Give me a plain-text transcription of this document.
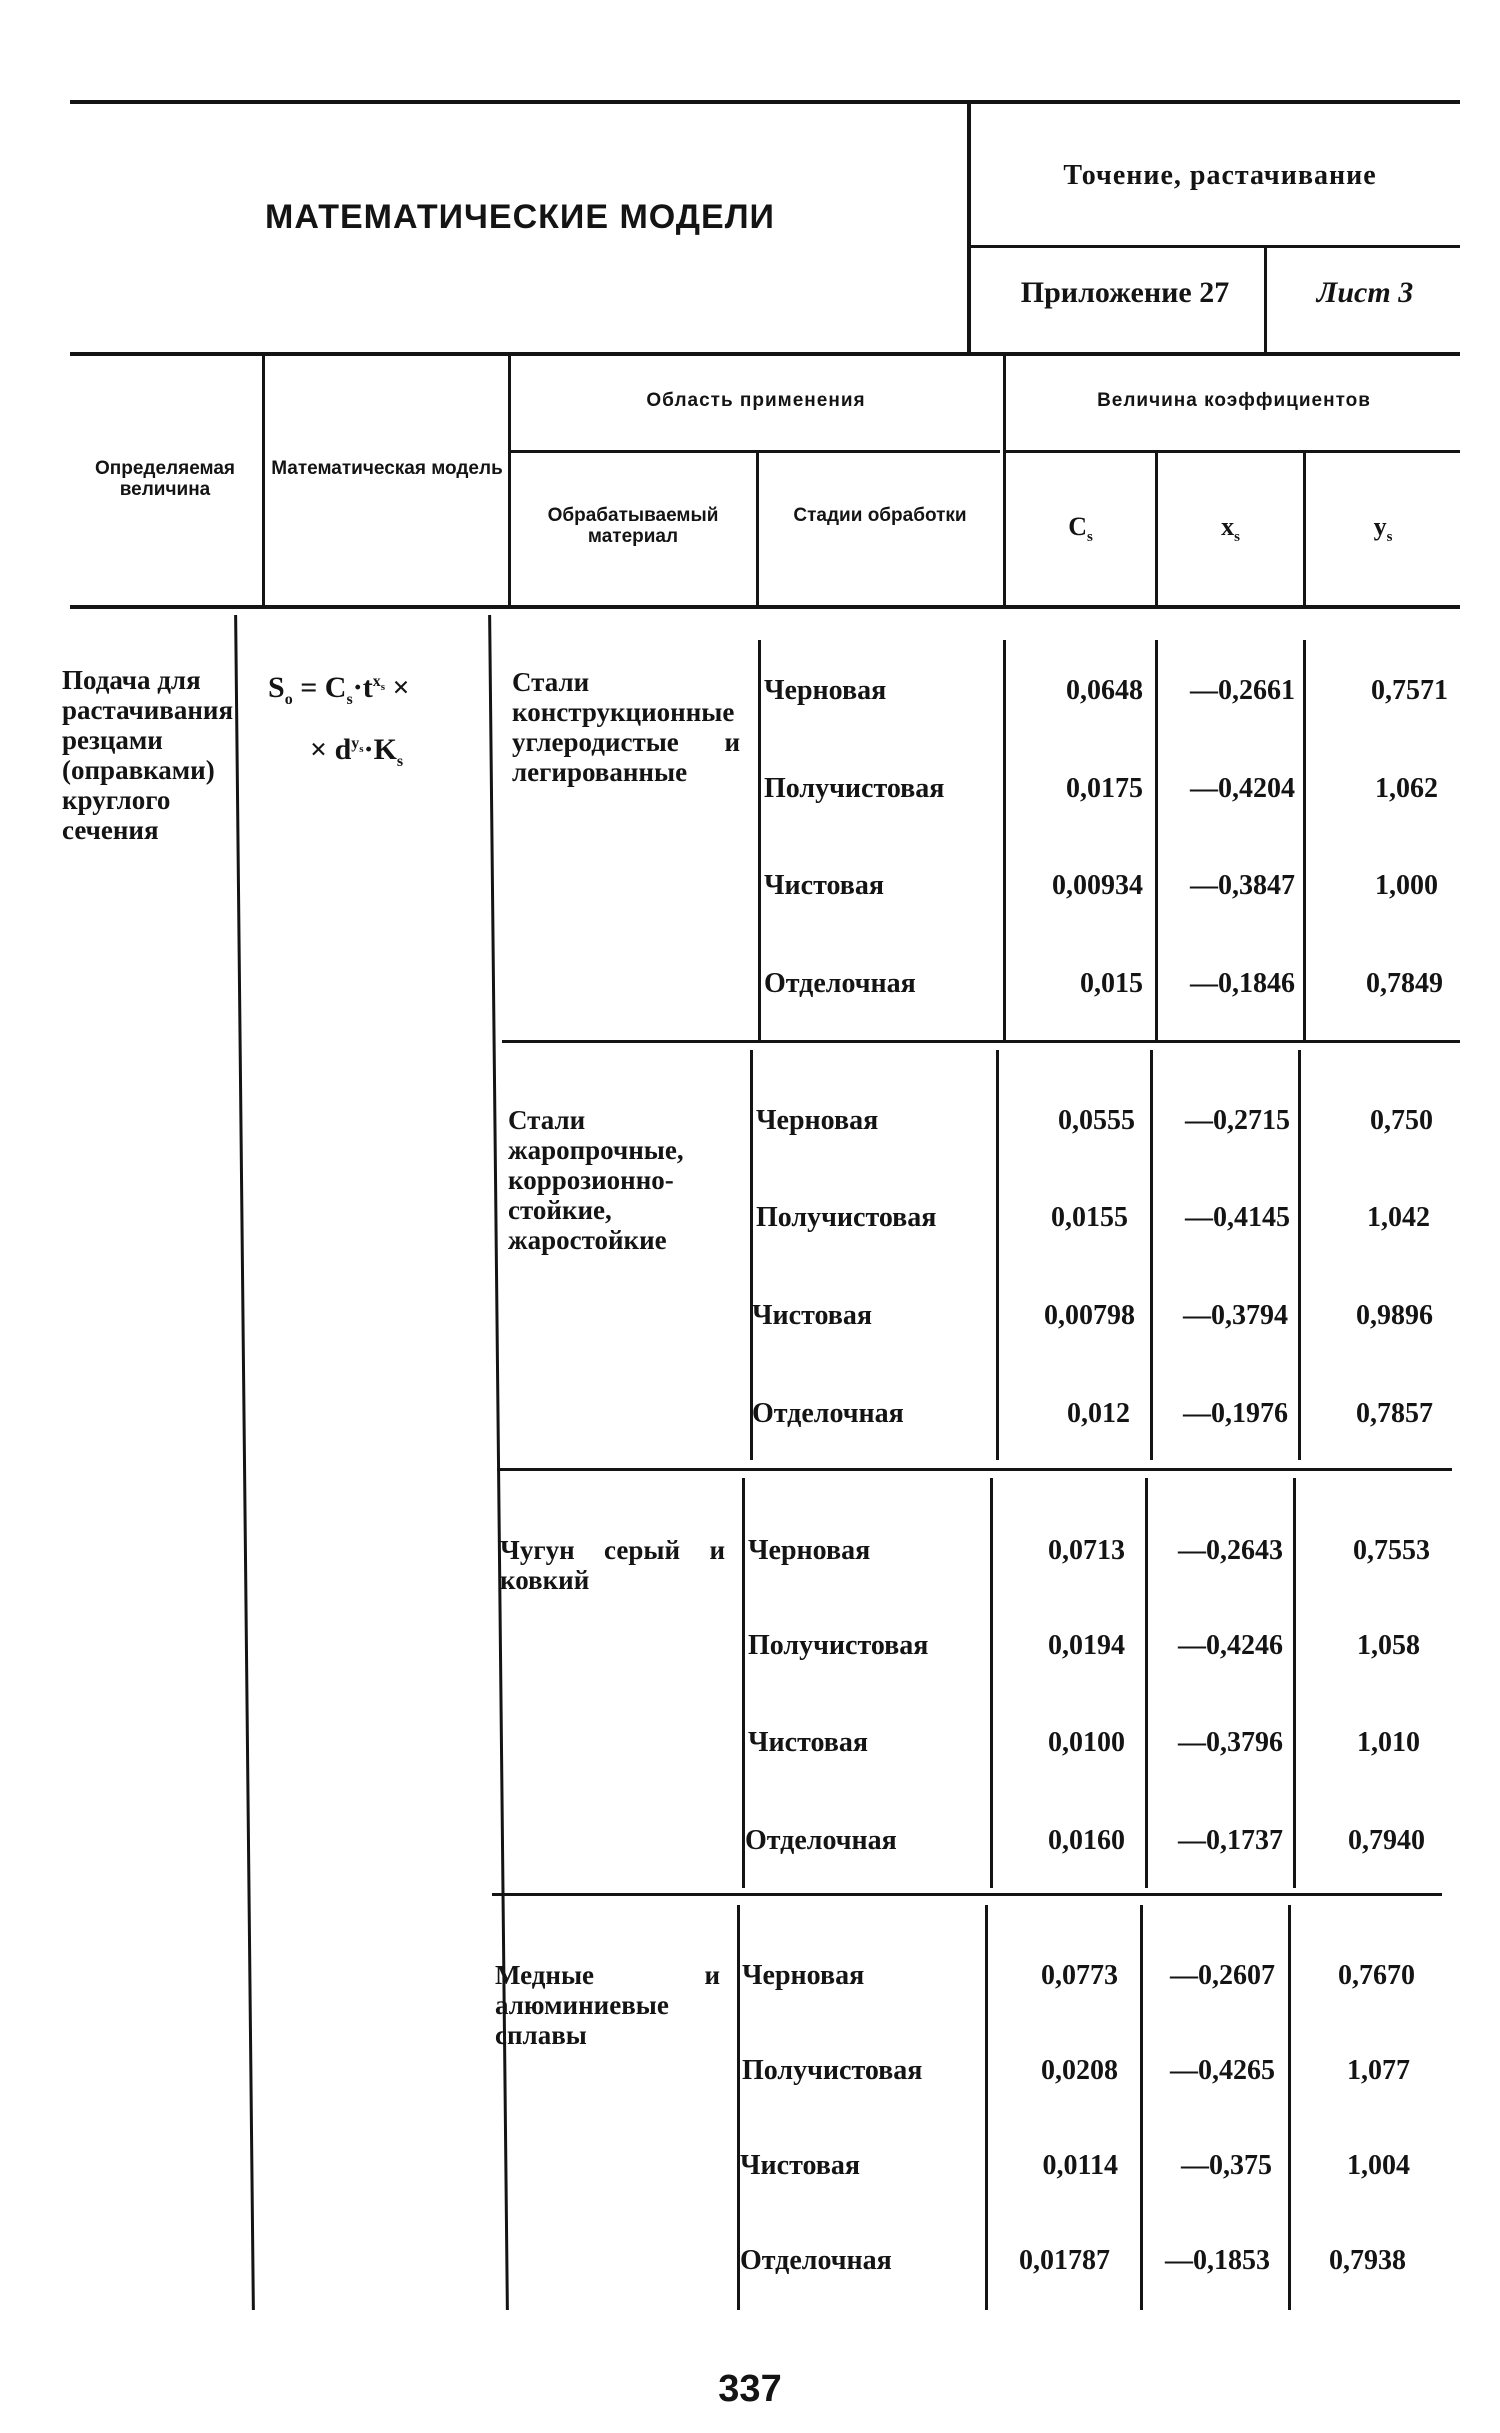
МАТЕМАТИЧЕСКИЕ МОДЕЛИ
Точение, растачивание
Приложение 27	Лист 3
Определяемая величина
Математическая модель
Область применения
Обрабатываемый материал
Стадии обработки
Величина коэффициентов
$C_s$	$x_s$	$y_s$
Подача для растачивания резцами (оправками) круглого сечения
$S_o = C_s\cdot t^{x_s}$ ×
× $d^{y_s}\cdot K_s$
Стали конструкционные углеродистые и легированные
Черновая	0,0648	—0,2661	0,7571
Получистовая	0,0175	—0,4204	1,062
Чистовая	0,00934	—0,3847	1,000
Отделочная	0,015	—0,1846	0,7849
Стали жаропрочные, коррозионно-стойкие, жаростойкие
Черновая	0,0555	—0,2715	0,750
Получистовая	0,0155	—0,4145	1,042
Чистовая	0,00798	—0,3794	0,9896
Отделочная	0,012	—0,1976	0,7857
Чугун серый и ковкий
Черновая	0,0713	—0,2643	0,7553
Получистовая	0,0194	—0,4246	1,058
Чистовая	0,0100	—0,3796	1,010
Отделочная	0,0160	—0,1737	0,7940
Медные и алюминиевые сплавы
Черновая	0,0773	—0,2607	0,7670
Получистовая	0,0208	—0,4265	1,077
Чистовая	0,0114	—0,375	1,004
Отделочная	0,01787	—0,1853	0,7938
337
